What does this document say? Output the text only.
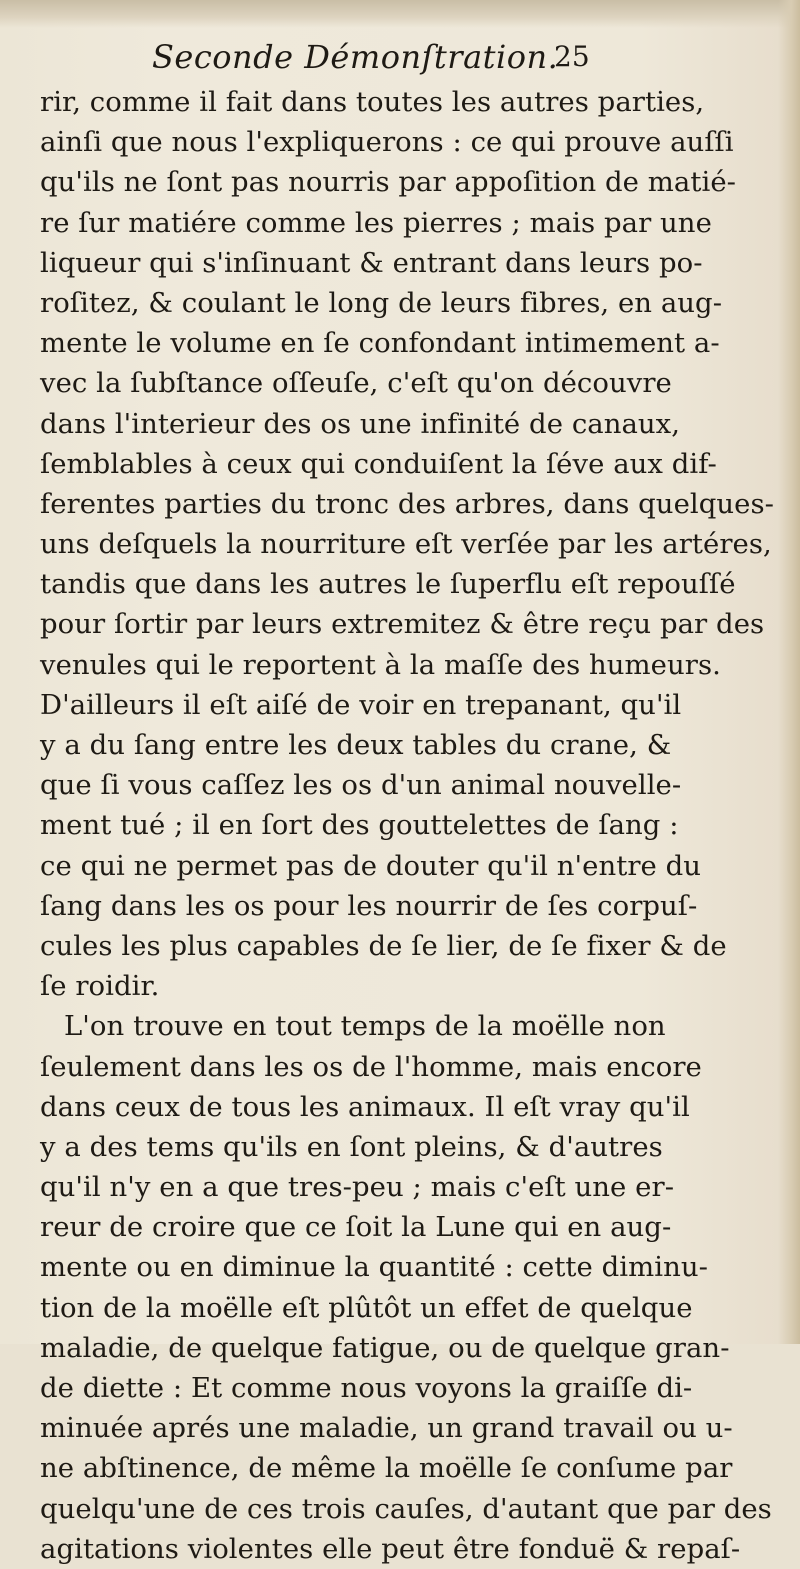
Seconde Démonſtration.
25
rir, comme il fait dans toutes les autres parties,
ainſi que nous l'expliquerons : ce qui prouve auſſi
qu'ils ne ſont pas nourris par appoſition de matié-
re ſur matiére comme les pierres ; mais par une
liqueur qui s'inſinuant & entrant dans leurs po-
roſitez, & coulant le long de leurs fibres, en aug-
mente le volume en ſe confondant intimement a-
vec la ſubſtance oſſeuſe, c'eſt qu'on découvre
dans l'interieur des os une infinité de canaux,
ſemblables à ceux qui conduiſent la ſéve aux dif-
ferentes parties du tronc des arbres, dans quelques-
uns deſquels la nourriture eſt verſée par les artéres,
tandis que dans les autres le ſuperflu eſt repouſſé
pour ſortir par leurs extremitez & être reçu par des
venules qui le reportent à la maſſe des humeurs.
D'ailleurs il eſt aiſé de voir en trepanant, qu'il
y a du ſang entre les deux tables du crane, &
que ſi vous caſſez les os d'un animal nouvelle-
ment tué ; il en ſort des gouttelettes de ſang :
ce qui ne permet pas de douter qu'il n'entre du
ſang dans les os pour les nourrir de ſes corpuſ-
cules les plus capables de ſe lier, de ſe fixer & de
ſe roidir.
L'on trouve en tout temps de la moëlle non
ſeulement dans les os de l'homme, mais encore
dans ceux de tous les animaux. Il eſt vray qu'il
y a des tems qu'ils en ſont pleins, & d'autres
qu'il n'y en a que tres-peu ; mais c'eſt une er-
reur de croire que ce ſoit la Lune qui en aug-
mente ou en diminue la quantité : cette diminu-
tion de la moëlle eſt plûtôt un effet de quelque
maladie, de quelque fatigue, ou de quelque gran-
de diette : Et comme nous voyons la graiſſe di-
minuée aprés une maladie, un grand travail ou u-
ne abſtinence, de même la moëlle ſe conſume par
quelqu'une de ces trois cauſes, d'autant que par des
agitations violentes elle peut être fonduë & repaſ-
